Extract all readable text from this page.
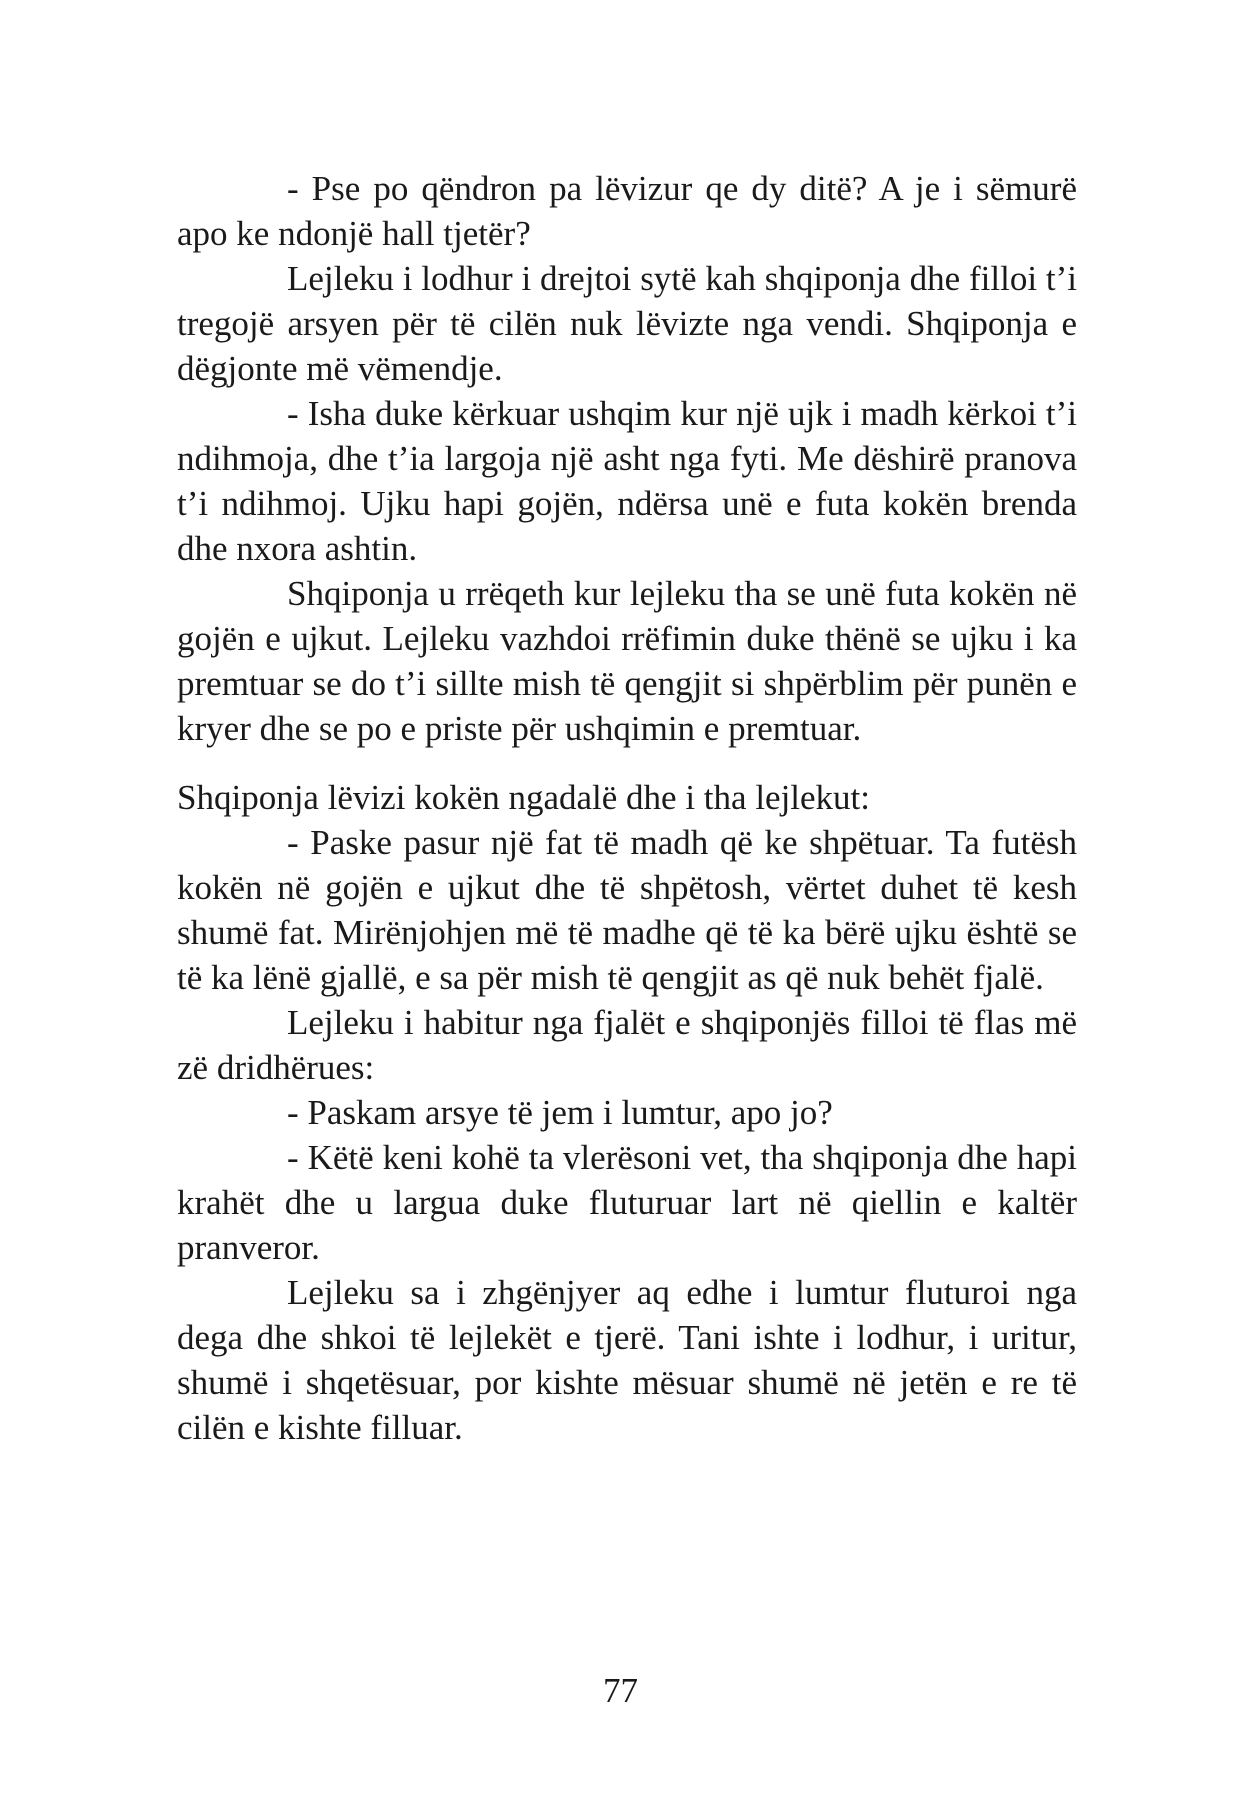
- Pse po qëndron pa lëvizur qe dy ditë? A je i sëmurë apo ke ndonjë hall tjetër?

Lejleku i lodhur i drejtoi sytë kah shqiponja dhe filloi t’i tregojë arsyen për të cilën nuk lëvizte nga vendi. Shqiponja e dëgjonte më vëmendje.

- Isha duke kërkuar ushqim kur një ujk i madh kërkoi t’i ndihmoja, dhe t’ia largoja një asht nga fyti. Me dëshirë pranova t’i ndihmoj. Ujku hapi gojën, ndërsa unë e futa kokën brenda dhe nxora ashtin.

Shqiponja u rrëqeth kur lejleku tha se unë futa kokën në gojën e ujkut. Lejleku vazhdoi rrëfimin duke thënë se ujku i ka premtuar se do t’i sillte mish të qengjit si shpërblim për punën e kryer dhe se po e priste për ushqimin e premtuar.

Shqiponja lëvizi kokën ngadalë dhe i tha lejlekut:

- Paske pasur një fat të madh që ke shpëtuar. Ta futësh kokën në gojën e ujkut dhe të shpëtosh, vërtet duhet të kesh shumë fat. Mirënjohjen më të madhe që të ka bërë ujku është se të ka lënë gjallë, e sa për mish të qengjit as që nuk behët fjalë.

Lejleku i habitur nga fjalët e shqiponjës filloi të flas më zë dridhërues:

- Paskam arsye të jem i lumtur, apo jo?

- Këtë keni kohë ta vlerësoni vet, tha shqiponja dhe hapi krahët dhe u largua duke fluturuar lart në qiellin e kaltër pranveror.

Lejleku sa i zhgënjyer aq edhe i lumtur fluturoi nga dega dhe shkoi të lejlekët e tjerë. Tani ishte i lodhur, i uritur, shumë i shqetësuar, por kishte mësuar shumë në jetën e re të cilën e kishte filluar.

77
